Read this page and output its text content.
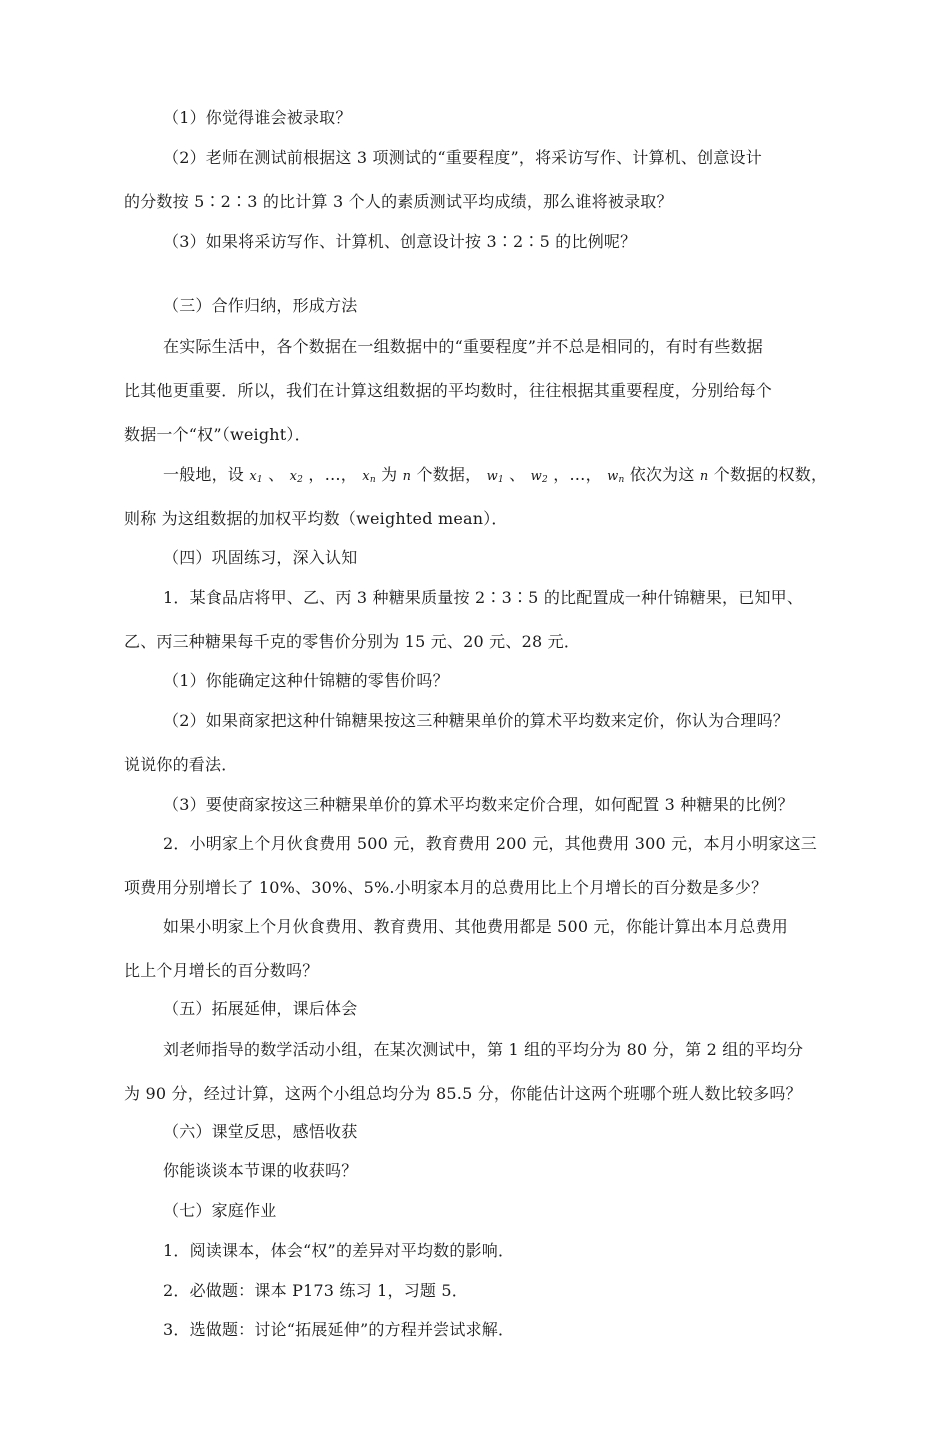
（1）你觉得谁会被录取？
（2）老师在测试前根据这 3 项测试的“重要程度”，将采访写作、计算机、创意设计
的分数按 5∶2∶3 的比计算 3 个人的素质测试平均成绩，那么谁将被录取？
（3）如果将采访写作、计算机、创意设计按 3∶2∶5 的比例呢？
（三）合作归纳，形成方法
在实际生活中，各个数据在一组数据中的“重要程度”并不总是相同的，有时有些数据
比其他更重要．所以，我们在计算这组数据的平均数时，往往根据其重要程度，分别给每个
数据一个“权”（weight）．
一般地，设 $x_1$ 、 $x_2$ ，…， $x_n$ 为 n 个数据， $w_1$ 、 $w_2$ ，…， $w_n$ 依次为这 n 个数据的权数，
则称 为这组数据的加权平均数（weighted mean）．
（四）巩固练习，深入认知
1．某食品店将甲、乙、丙 3 种糖果质量按 2∶3∶5 的比配置成一种什锦糖果，已知甲、
乙、丙三种糖果每千克的零售价分别为 15 元、20 元、28 元．
（1）你能确定这种什锦糖的零售价吗？
（2）如果商家把这种什锦糖果按这三种糖果单价的算术平均数来定价，你认为合理吗？
说说你的看法．
（3）要使商家按这三种糖果单价的算术平均数来定价合理，如何配置 3 种糖果的比例？
2．小明家上个月伙食费用 500 元，教育费用 200 元，其他费用 300 元，本月小明家这三
项费用分别增长了 10%、30%、5%.小明家本月的总费用比上个月增长的百分数是多少？
如果小明家上个月伙食费用、教育费用、其他费用都是 500 元，你能计算出本月总费用
比上个月增长的百分数吗？
（五）拓展延伸，课后体会
刘老师指导的数学活动小组，在某次测试中，第 1 组的平均分为 80 分，第 2 组的平均分
为 90 分，经过计算，这两个小组总均分为 85.5 分，你能估计这两个班哪个班人数比较多吗？
（六）课堂反思，感悟收获
你能谈谈本节课的收获吗？
（七）家庭作业
1．阅读课本，体会“权”的差异对平均数的影响．
2．必做题：课本 P173 练习 1，习题 5．
3．选做题：讨论“拓展延伸”的方程并尝试求解．
